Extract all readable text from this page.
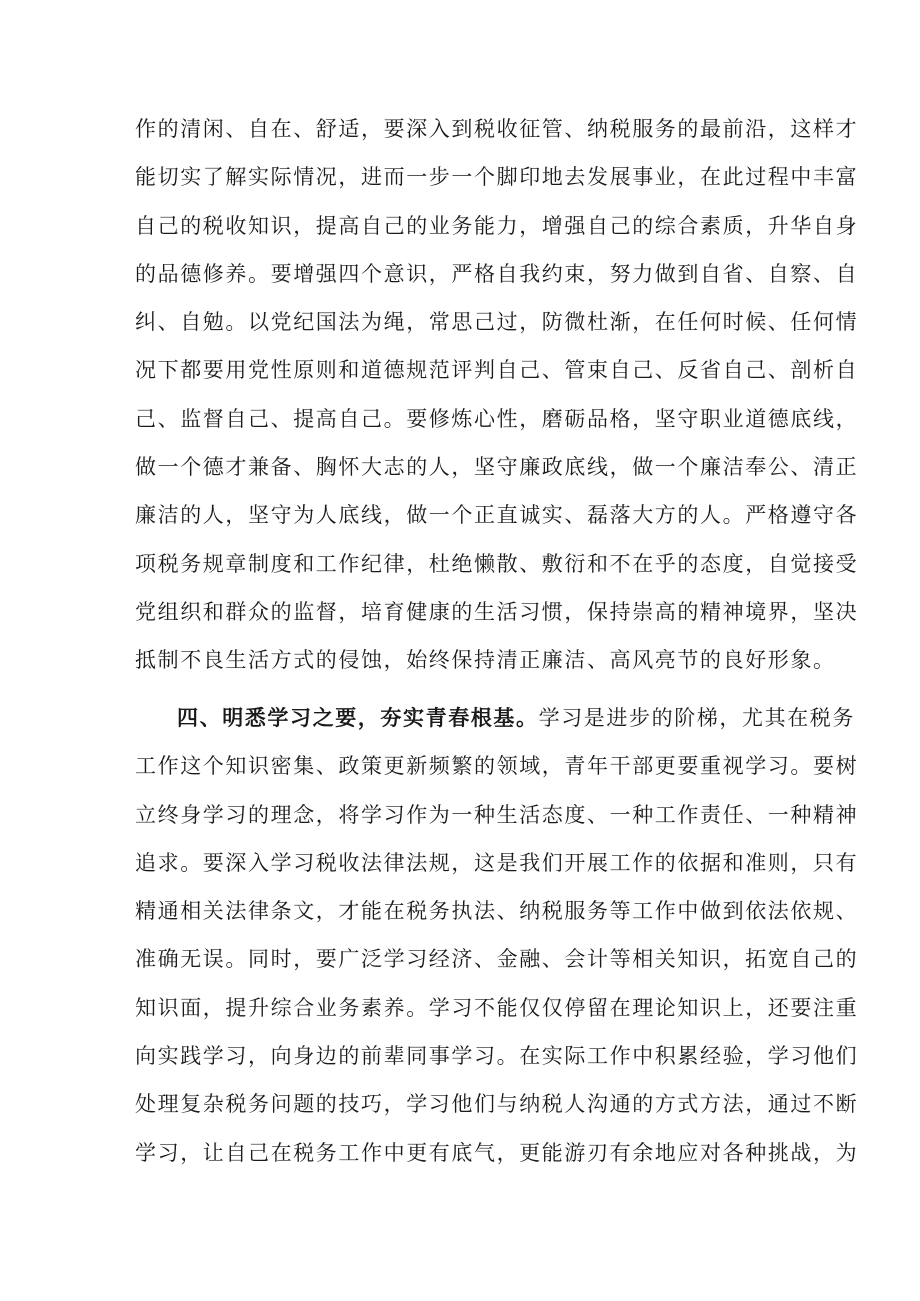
作的清闲、自在、舒适，要深入到税收征管、纳税服务的最前沿，这样才
能切实了解实际情况，进而一步一个脚印地去发展事业，在此过程中丰富
自己的税收知识，提高自己的业务能力，增强自己的综合素质，升华自身
的品德修养。要增强四个意识，严格自我约束，努力做到自省、自察、自
纠、自勉。以党纪国法为绳，常思己过，防微杜渐，在任何时候、任何情
况下都要用党性原则和道德规范评判自己、管束自己、反省自己、剖析自
己、监督自己、提高自己。要修炼心性，磨砺品格，坚守职业道德底线，
做一个德才兼备、胸怀大志的人，坚守廉政底线，做一个廉洁奉公、清正
廉洁的人，坚守为人底线，做一个正直诚实、磊落大方的人。严格遵守各
项税务规章制度和工作纪律，杜绝懒散、敷衍和不在乎的态度，自觉接受
党组织和群众的监督，培育健康的生活习惯，保持崇高的精神境界，坚决
抵制不良生活方式的侵蚀，始终保持清正廉洁、高风亮节的良好形象。
四、明悉学习之要，夯实青春根基。学习是进步的阶梯，尤其在税务
工作这个知识密集、政策更新频繁的领域，青年干部更要重视学习。要树
立终身学习的理念，将学习作为一种生活态度、一种工作责任、一种精神
追求。要深入学习税收法律法规，这是我们开展工作的依据和准则，只有
精通相关法律条文，才能在税务执法、纳税服务等工作中做到依法依规、
准确无误。同时，要广泛学习经济、金融、会计等相关知识，拓宽自己的
知识面，提升综合业务素养。学习不能仅仅停留在理论知识上，还要注重
向实践学习，向身边的前辈同事学习。在实际工作中积累经验，学习他们
处理复杂税务问题的技巧，学习他们与纳税人沟通的方式方法，通过不断
学习，让自己在税务工作中更有底气，更能游刃有余地应对各种挑战，为
